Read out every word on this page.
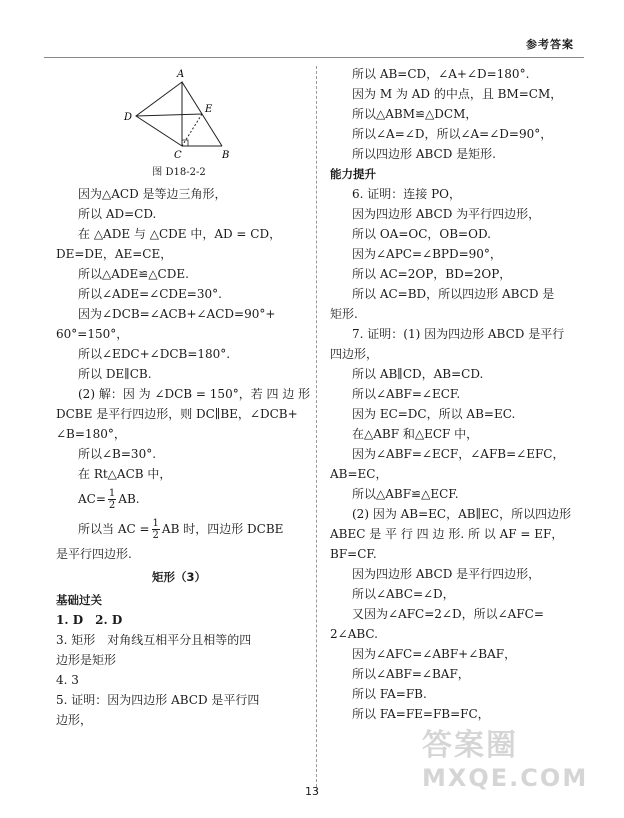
参考答案
A
D
E
C	B
图 D18-2-2
因为△ACD 是等边三角形，
所以 AD=CD.
在 △ADE 与 △CDE 中，AD = CD，
DE=DE，AE=CE，
所以△ADE≌△CDE.
所以∠ADE=∠CDE=30°.
因为∠DCB=∠ACB+∠ACD=90°+
60°=150°，
所以∠EDC+∠DCB=180°.
所以 DE∥CB.
(2) 解：因 为 ∠DCB = 150°，若 四 边 形
DCBE 是平行四边形，则 DC∥BE，∠DCB+
∠B=180°，
所以∠B=30°.
在 Rt△ACB 中，
$AC= \frac{1}{2}$ AB.
所以当 AC = $\frac{1}{2}$ AB 时，四边形 DCBE
是平行四边形.
矩形（3）
基础过关
1. D　2. D
3. 矩形　对角线互相平分且相等的四
边形是矩形
4. 3
5. 证明：因为四边形 ABCD 是平行四
边形，
所以 AB=CD，∠A+∠D=180°.
因为 M 为 AD 的中点，且 BM=CM，
所以△ABM≌△DCM，
所以∠A=∠D，所以∠A=∠D=90°，
所以四边形 ABCD 是矩形.
能力提升
6. 证明：连接 PO，
因为四边形 ABCD 为平行四边形，
所以 OA=OC，OB=OD.
因为∠APC=∠BPD=90°，
所以 AC=2OP，BD=2OP，
所以 AC=BD，所以四边形 ABCD 是
矩形.
7. 证明：(1) 因为四边形 ABCD 是平行
四边形，
所以 AB∥CD，AB=CD.
所以∠ABF=∠ECF.
因为 EC=DC，所以 AB=EC.
在△ABF 和△ECF 中，
因为∠ABF=∠ECF，∠AFB=∠EFC，
AB=EC，
所以△ABF≌△ECF.
(2) 因为 AB=EC，AB∥EC，所以四边形
ABEC 是 平 行 四 边 形. 所 以 AF = EF，
BF=CF.
因为四边形 ABCD 是平行四边形，
所以∠ABC=∠D，
又因为∠AFC=2∠D，所以∠AFC=
2∠ABC.
因为∠AFC=∠ABF+∠BAF，
所以∠ABF=∠BAF，
所以 FA=FB.
所以 FA=FE=FB=FC，
13
答案圈
MXQE.COM
